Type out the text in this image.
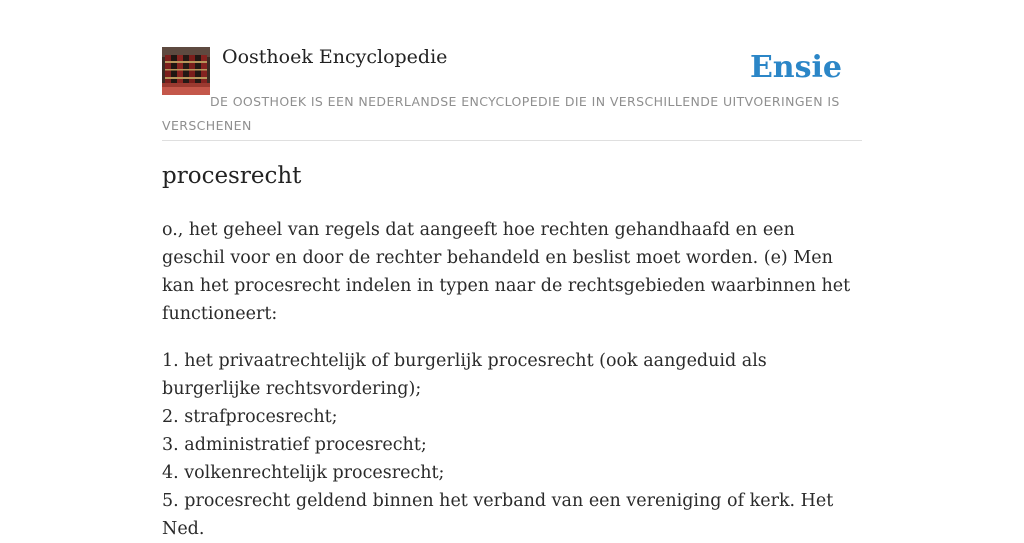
Oosthoek Encyclopedie	Ensie
DE OOSTHOEK IS EEN NEDERLANDSE ENCYCLOPEDIE DIE IN VERSCHILLENDE UITVOERINGEN IS VERSCHENEN
procesrecht

o., het geheel van regels dat aangeeft hoe rechten gehandhaafd en een geschil voor en door de rechter behandeld en beslist moet worden. (e) Men kan het procesrecht indelen in typen naar de rechtsgebieden waarbinnen het functioneert:

1. het privaatrechtelijk of burgerlijk procesrecht (ook aangeduid als burgerlijke rechtsvordering);

2. strafprocesrecht;

3. administratief procesrecht;

4. volkenrechtelijk procesrecht;

5. procesrecht geldend binnen het verband van een vereniging of kerk. Het Ned.
